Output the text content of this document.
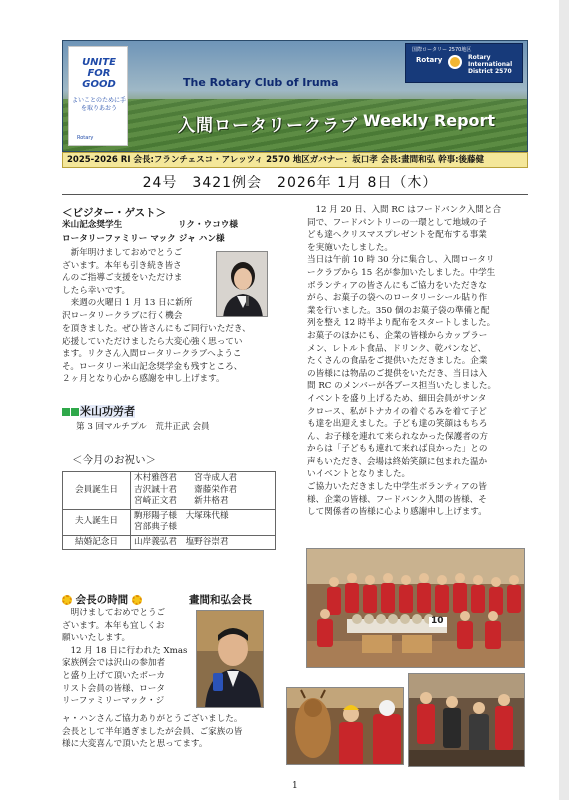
UNITE FOR GOOD
よいことのために手を取りあおう
Rotary
The Rotary Club of Iruma
国際ロータリー 2570地区
Rotary	Rotary International District 2570
入間ロータリークラブ Weekly Report
2025-2026 RI 会長:フランチェスコ・アレッツィ 2570 地区ガバナー：坂口孝 会長:畫間和弘 幹事:後藤健
24号　3421例会　2026年 1月 8日（木）
＜ビジター・ゲスト＞
米山記念奨学生	リク・ウコウ様
ロータリーファミリー マック ジャ ハン様
新年明けましておめでとうご
ざいます。本年も引き続き皆さ
んのご指導ご支援をいただけま
したら幸いです。
来週の火曜日 1 月 13 日に新所
沢ロータリークラブに行く機会
を頂きました。ぜひ皆さんにもご同行いただき、
応援していただけましたら大変心強く思ってい
ます。リクさん入間ロータリークラブへようこ
そ。ロータリー米山記念奨学金も残すところ、
２ヶ月となり心から感謝を申し上げます。
米山功労者
第 3 回マルチプル　荒井正武 会員
＜今月のお祝い＞
会員誕生日	木村雅啓君　　宮寺成人君
吉沢誠十君　　齋藤栄作君
宮崎正文君　　新井格君

夫人誕生日	駒形陽子様　大塚珠代様
宮部典子様

結婚記念日	山岸義弘君　塩野谷崇君
会長の時間	畫間和弘会長
明けましておめでとうご
ざいます。本年も宜しくお
願いいたします。
12 月 18 日に行われた Xmas
家族例会では沢山の参加者
と盛り上げて頂いたボーカ
リスト会員の皆様、ロータ
リーファミリーマック・ジ
ャ・ハンさんご協力ありがとうございました。
会長として半年過ぎましたが会員、ご家族の皆
様に大変喜んで頂いたと思ってます。
12 月 20 日、入間 RC はフードバンク入間と合
同で、フードパントリーの一環として地域の子
ども達へクリスマスプレゼントを配布する事業
を実施いたしました。
当日は午前 10 時 30 分に集合し、入間ロータリ
ークラブから 15 名が参加いたしました。中学生
ボランティアの皆さんにもご協力をいただきな
がら、お菓子の袋へのロータリーシール貼り作
業を行いました。350 個のお菓子袋の準備と配
列を整え 12 時半より配布をスタートしました。
お菓子のほかにも、企業の皆様からカップラー
メン、レトルト食品、ドリンク、乾パンなど、
たくさんの食品をご提供いただきました。企業
の皆様には物品のご提供をいただき、当日は入
間 RC のメンバーが各ブース担当いたしました。
イベントを盛り上げるため、細田会員がサンタ
クロース、私がトナカイの着ぐるみを着て子ど
も達を出迎えました。子ども達の笑顔はもちろ
ん、お子様を連れて来られなかった保護者の方
からは「子どもも連れて来れば良かった」との
声もいただき、会場は終始笑顔に包まれた温か
いイベントとなりました。
ご協力いただきました中学生ボランティアの皆
様、企業の皆様、フードバンク入間の皆様、そ
して関係者の皆様に心より感謝申し上げます。
10
1
